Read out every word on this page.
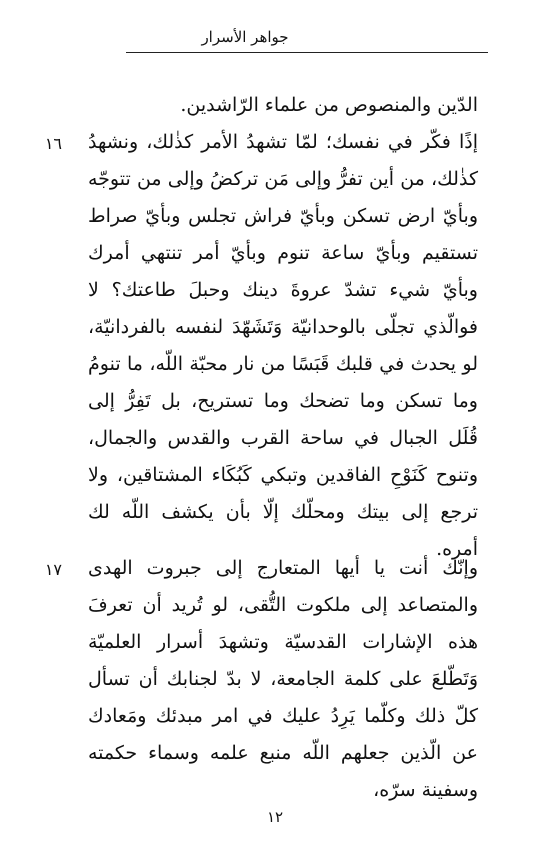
جواهر الأسرار

الدّين والمنصوص من علماء الرّاشدين.

١٦ إذًا فكّر في نفسك؛ لمّا تشهدُ الأمر كذٰلك، ونشهدُ كذٰلك، من أين تفرُّ وإلى مَن تركضُ وإلى من تتوجّه وبأيّ ارض تسكن وبأيّ فراش تجلس وبأيّ صراط تستقيم وبأيّ ساعة تنوم وبأيّ أمر تنتهي أمرك وبأيّ شيء تشدّ عروةَ دينك وحبلَ طاعتك؟ لا فوالّذي تجلّى بالوحدانيّة وَتَشَهّدَ لنفسه بالفردانيّة، لو يحدث في قلبك قَبَسًا من نار محبّة اللّه، ما تنومُ وما تسكن وما تضحك وما تستريح، بل تَفِرُّ إلى قُلَل الجبال في ساحة القرب والقدس والجمال، وتنوح كَنَوْحِ الفاقدين وتبكي كَبُكَاء المشتاقين، ولا ترجع إلى بيتك ومحلّك إلّا بأن يكشف اللّه لك أمره.

١٧ وإنّك أنت يا أيها المتعارج إلى جبروت الهدى والمتصاعد إلى ملكوت التُّقى، لو تُريد أن تعرفَ هذه الإشارات القدسيّة وتشهدَ أسرار العلميّة وَتَطّلعَ على كلمة الجامعة، لا بدّ لجنابك أن تسأل كلّ ذلك وكلّما يَرِدُ عليك في امر مبدئك ومَعادك عن الّذين جعلهم اللّه منبع علمه وسماء حكمته وسفينة سرّه،

١٢
